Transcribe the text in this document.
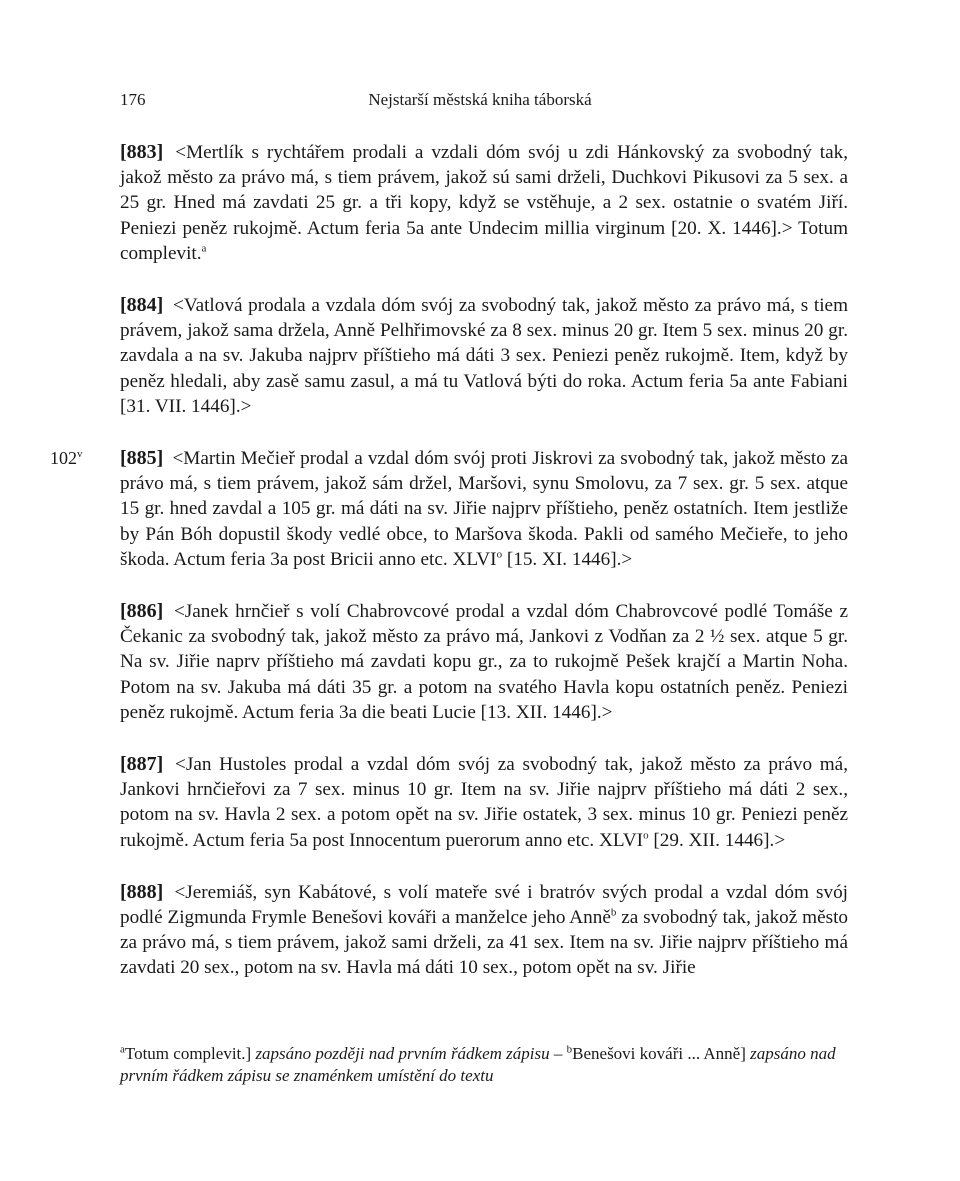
176	Nejstarší městská kniha táborská

[883] <Mertlík s rychtářem prodali a vzdali dóm svój u zdi Hánkovský za svobodný tak, jakož město za právo má, s tiem právem, jakož sú sami drželi, Duchkovi Pikusovi za 5 sex. a 25 gr. Hned má zavdati 25 gr. a tři kopy, když se vstěhuje, a 2 sex. ostatnie o svatém Jiří. Peniezi peněz rukojmě. Actum feria 5a ante Undecim millia virginum [20. X. 1446].> Totum complevit.$^a$

[884] <Vatlová prodala a vzdala dóm svój za svobodný tak, jakož město za právo má, s tiem právem, jakož sama držela, Anně Pelhřimovské za 8 sex. minus 20 gr. Item 5 sex. minus 20 gr. zavdala a na sv. Jakuba najprv příštieho má dáti 3 sex. Peniezi peněz rukojmě. Item, když by peněz hledali, aby zasě samu zasul, a má tu Vatlová býti do roka. Actum feria 5a ante Fabiani [31. VII. 1446].>

102$^v$ [885] <Martin Mečieř prodal a vzdal dóm svój proti Jiskrovi za svobodný tak, jakož město za právo má, s tiem právem, jakož sám držel, Maršovi, synu Smolovu, za 7 sex. gr. 5 sex. atque 15 gr. hned zavdal a 105 gr. má dáti na sv. Jiřie najprv příštieho, peněz ostatních. Item jestliže by Pán Bóh dopustil škody vedlé obce, to Maršova škoda. Pakli od samého Mečieře, to jeho škoda. Actum feria 3a post Bricii anno etc. XLVI$^o$ [15. XI. 1446].>

[886] <Janek hrnčieř s volí Chabrovcové prodal a vzdal dóm Chabrovcové podlé Tomáše z Čekanic za svobodný tak, jakož město za právo má, Jankovi z Vodňan za 2 ½ sex. atque 5 gr. Na sv. Jiřie naprv příštieho má zavdati kopu gr., za to rukojmě Pešek krajčí a Martin Noha. Potom na sv. Jakuba má dáti 35 gr. a potom na svatého Havla kopu ostatních peněz. Peniezi peněz rukojmě. Actum feria 3a die beati Lucie [13. XII. 1446].>

[887] <Jan Hustoles prodal a vzdal dóm svój za svobodný tak, jakož město za právo má, Jankovi hrnčieřovi za 7 sex. minus 10 gr. Item na sv. Jiřie najprv příštieho má dáti 2 sex., potom na sv. Havla 2 sex. a potom opět na sv. Jiřie ostatek, 3 sex. minus 10 gr. Peniezi peněz rukojmě. Actum feria 5a post Innocentum puerorum anno etc. XLVI$^o$ [29. XII. 1446].>

[888] <Jeremiáš, syn Kabátové, s volí mateře své i bratróv svých prodal a vzdal dóm svój podlé Zigmunda Frymle Benešovi kováři a manželce jeho Anně$^b$ za svobodný tak, jakož město za právo má, s tiem právem, jakož sami drželi, za 41 sex. Item na sv. Jiřie najprv příštieho má zavdati 20 sex., potom na sv. Havla má dáti 10 sex., potom opět na sv. Jiřie

$^a$Totum complevit.] zapsáno později nad prvním řádkem zápisu – $^b$Benešovi kováři ... Anně] zapsáno nad prvním řádkem zápisu se znaménkem umístění do textu
